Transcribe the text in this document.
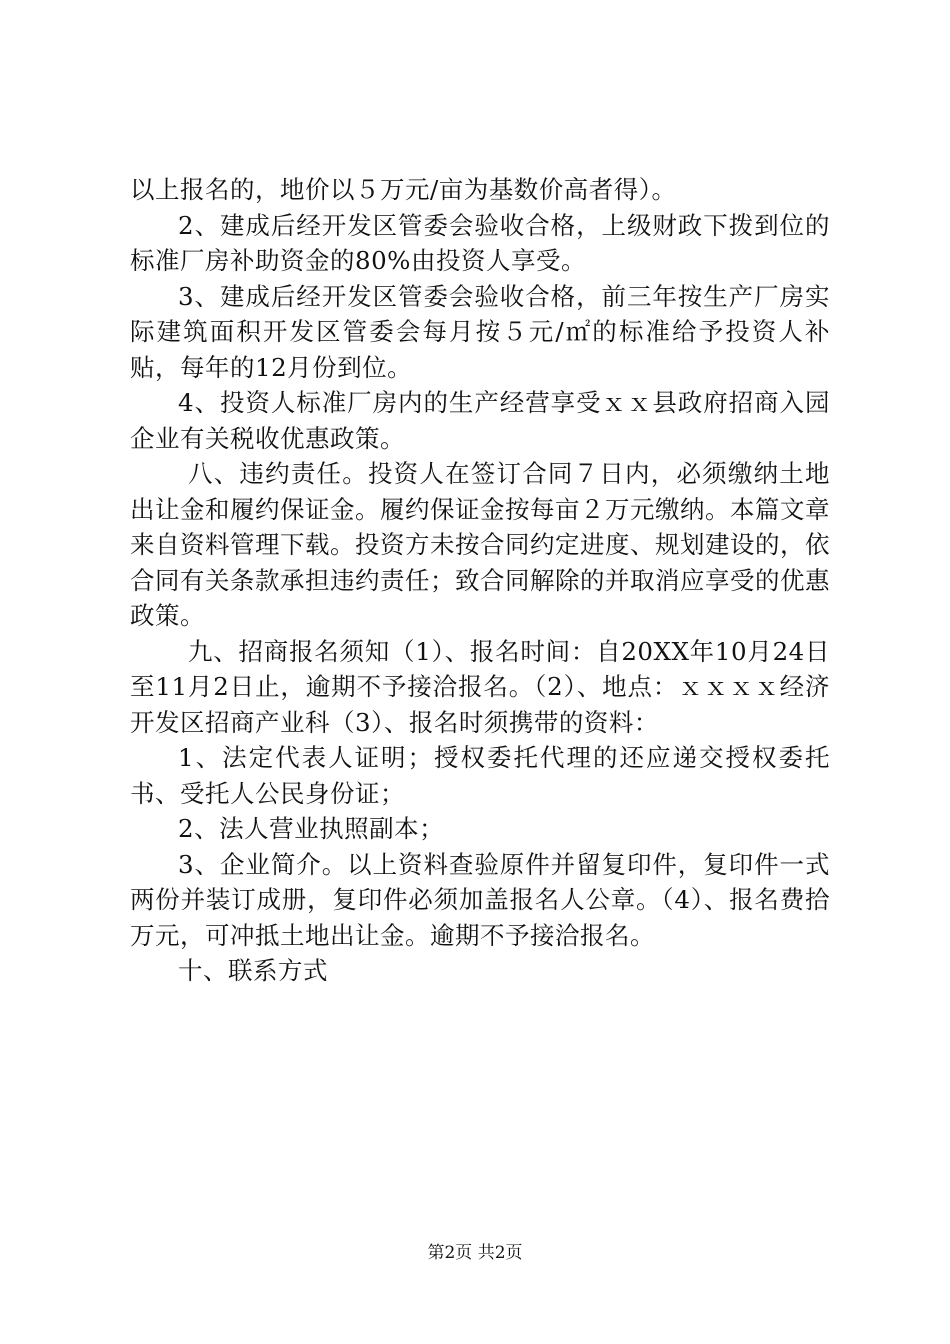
以上报名的，地价以５万元/亩为基数价高者得）。

2、建成后经开发区管委会验收合格，上级财政下拨到位的标准厂房补助资金的80%由投资人享受。

3、建成后经开发区管委会验收合格，前三年按生产厂房实际建筑面积开发区管委会每月按５元/㎡的标准给予投资人补贴，每年的12月份到位。

4、投资人标准厂房内的生产经营享受ｘｘ县政府招商入园企业有关税收优惠政策。

八、违约责任。投资人在签订合同７日内，必须缴纳土地出让金和履约保证金。履约保证金按每亩２万元缴纳。本篇文章来自资料管理下载。投资方未按合同约定进度、规划建设的，依合同有关条款承担违约责任；致合同解除的并取消应享受的优惠政策。

九、招商报名须知（1）、报名时间：自20XX年10月24日至11月2日止，逾期不予接洽报名。（2）、地点：ｘｘｘｘ经济开发区招商产业科（3）、报名时须携带的资料：

1、法定代表人证明；授权委托代理的还应递交授权委托书、受托人公民身份证；

2、法人营业执照副本；

3、企业简介。以上资料查验原件并留复印件，复印件一式两份并装订成册，复印件必须加盖报名人公章。（4）、报名费拾万元，可冲抵土地出让金。逾期不予接洽报名。

十、联系方式

第2页 共2页
